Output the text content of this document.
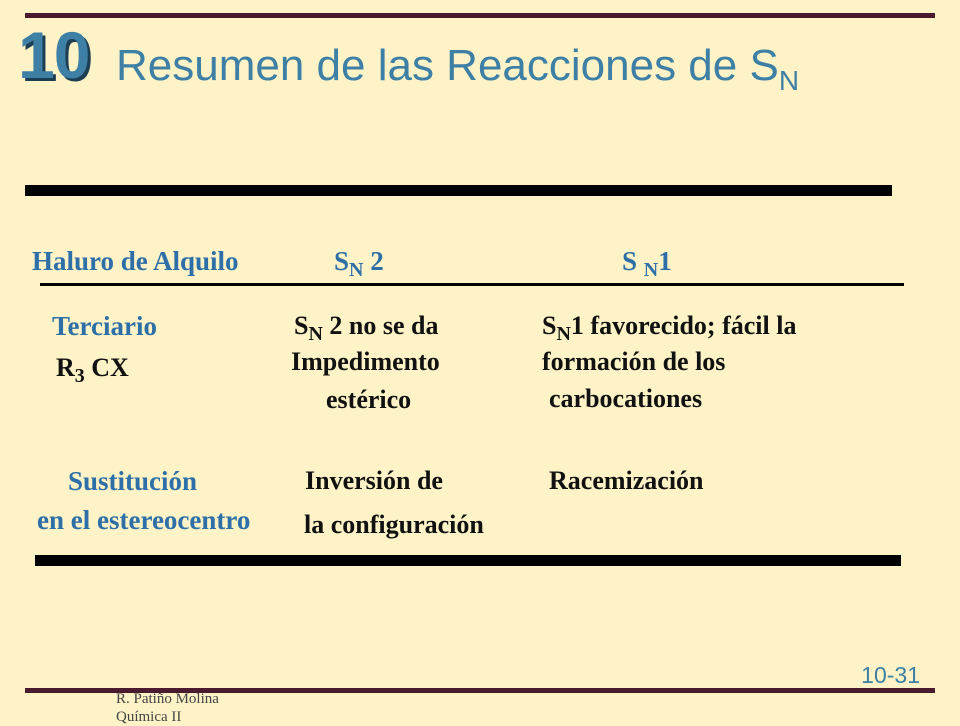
10 Resumen de las Reacciones de $S_N$
Haluro de Alquilo	$S_N$ 2	S $_N$1
Terciario
$R_3$ CX
$S_N$ 2 no se da
Impedimento
estérico
$S_N1$ favorecido; fácil la
formación de los
carbocationes
Sustitución
en el estereocentro
Inversión de
la configuración
Racemización
10-31
R. Patiño Molina
Química II
